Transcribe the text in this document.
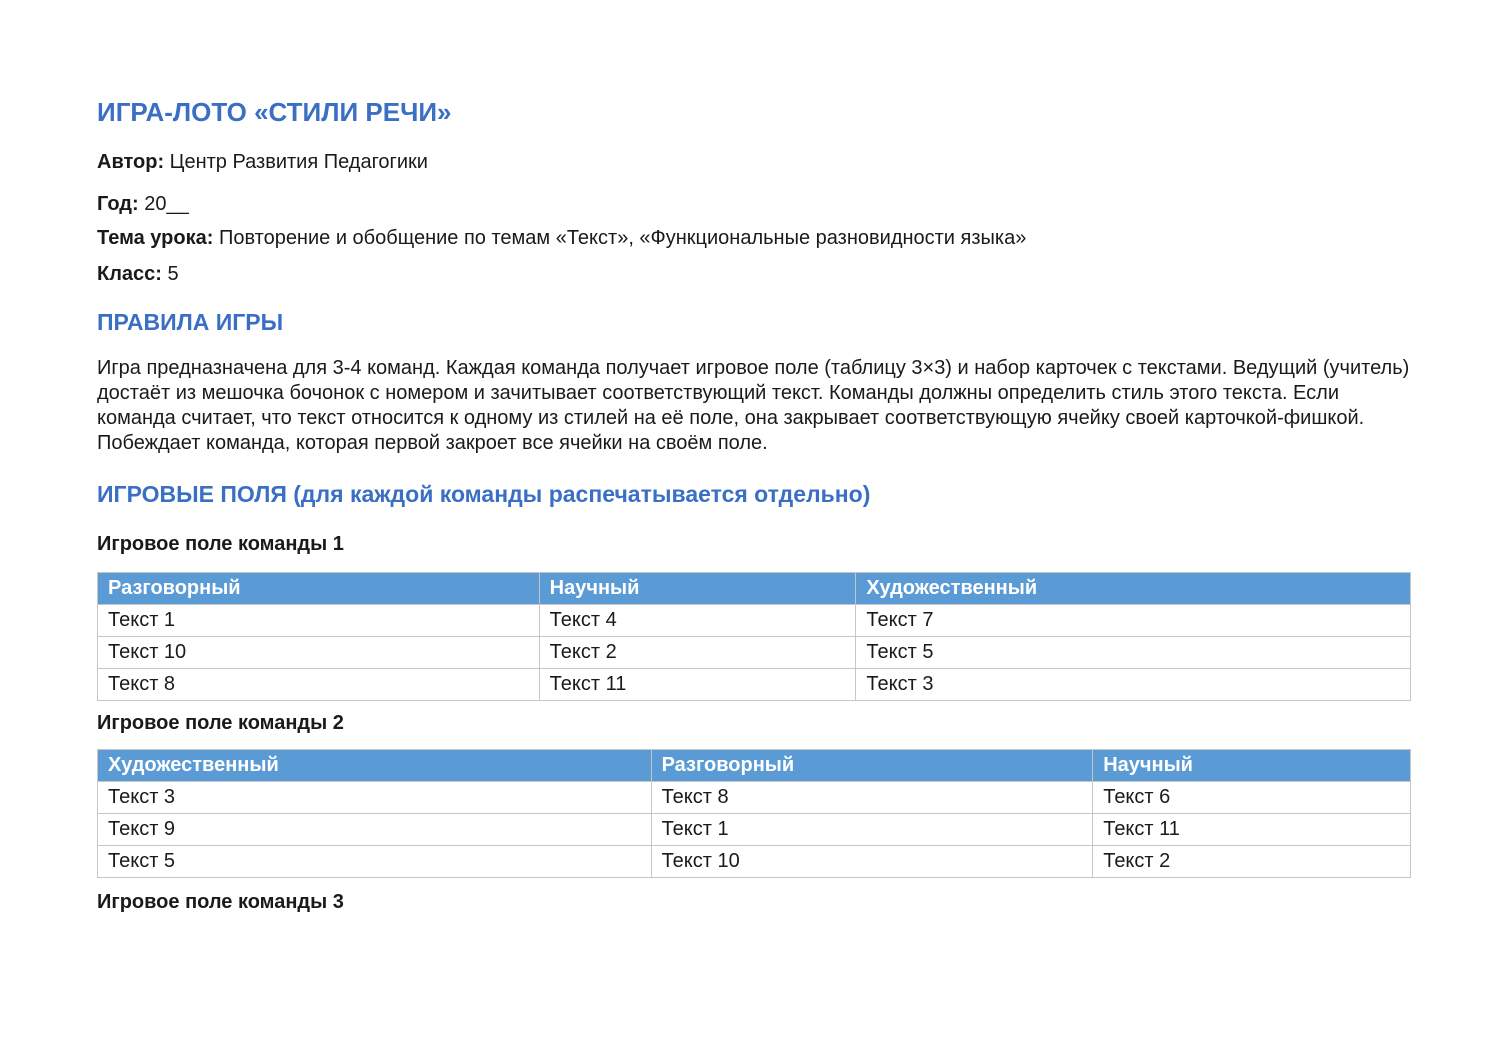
ИГРА-ЛОТО «СТИЛИ РЕЧИ»

Автор: Центр Развития Педагогики

Год: 20__

Тема урока: Повторение и обобщение по темам «Текст», «Функциональные разновидности языка»

Класс: 5

ПРАВИЛА ИГРЫ

Игра предназначена для 3-4 команд. Каждая команда получает игровое поле (таблицу 3×3) и набор карточек с текстами. Ведущий (учитель) достаёт из мешочка бочонок с номером и зачитывает соответствующий текст. Команды должны определить стиль этого текста. Если команда считает, что текст относится к одному из стилей на её поле, она закрывает соответствующую ячейку своей карточкой-фишкой. Побеждает команда, которая первой закроет все ячейки на своём поле.

ИГРОВЫЕ ПОЛЯ (для каждой команды распечатывается отдельно)
Игровое поле команды 1
Разговорный	Научный	Художественный
Текст 1	Текст 4	Текст 7
Текст 10	Текст 2	Текст 5
Текст 8	Текст 11	Текст 3
Игровое поле команды 2
Художественный	Разговорный	Научный
Текст 3	Текст 8	Текст 6
Текст 9	Текст 1	Текст 11
Текст 5	Текст 10	Текст 2
Игровое поле команды 3
